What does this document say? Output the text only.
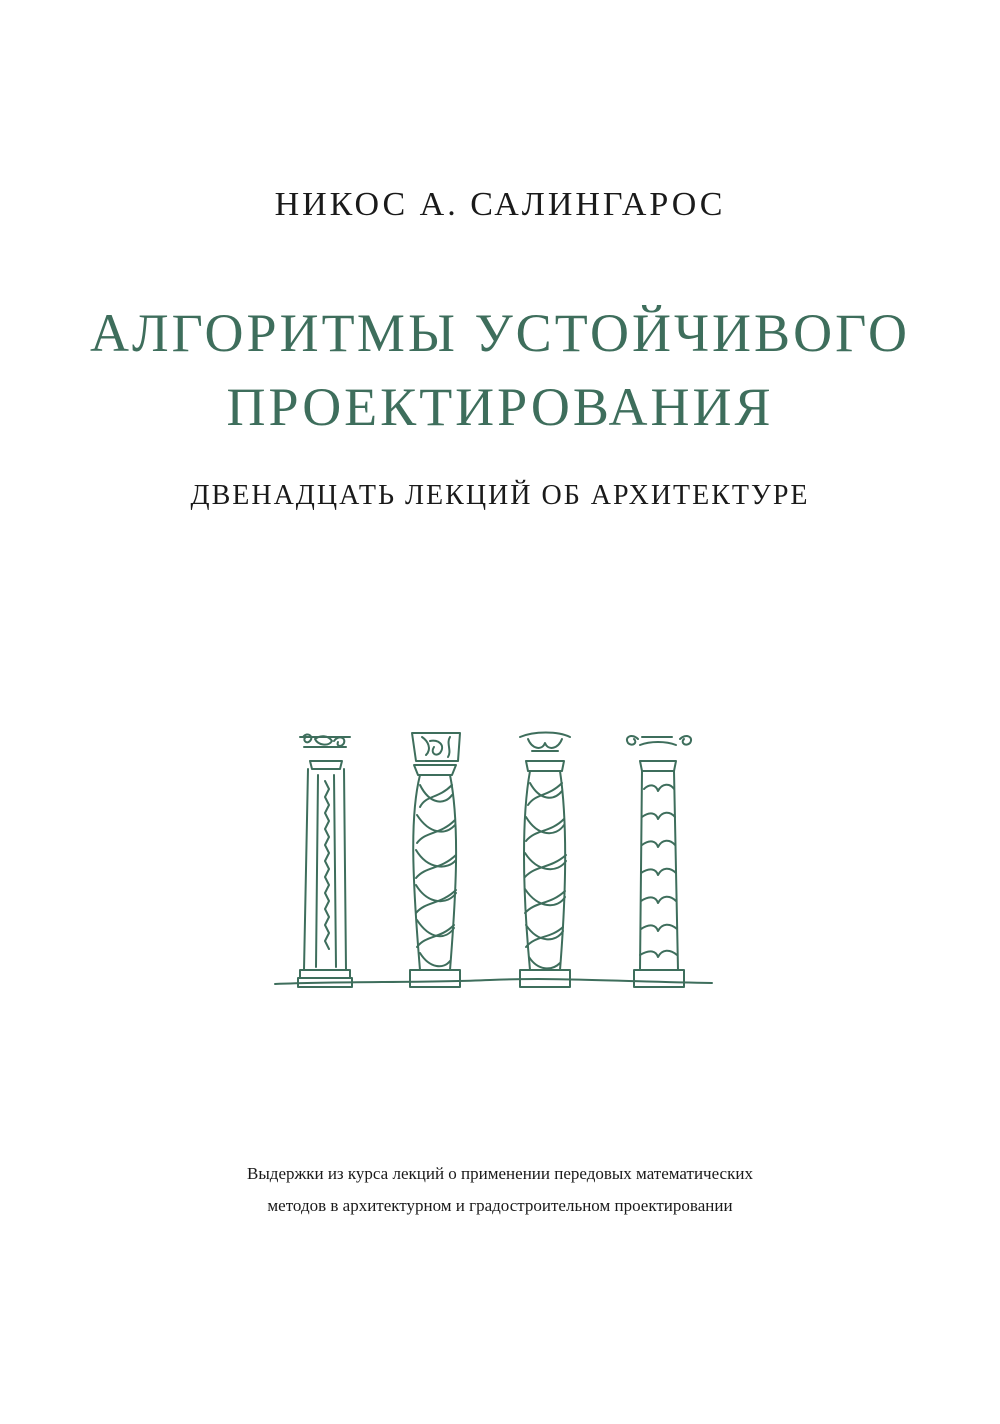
НИКОС А. САЛИНГАРОС
АЛГОРИТМЫ УСТОЙЧИВОГО
ПРОЕКТИРОВАНИЯ
ДВЕНАДЦАТЬ ЛЕКЦИЙ ОБ АРХИТЕКТУРЕ
Выдержки из курса лекций о применении передовых математических
методов в архитектурном и градостроительном проектировании
